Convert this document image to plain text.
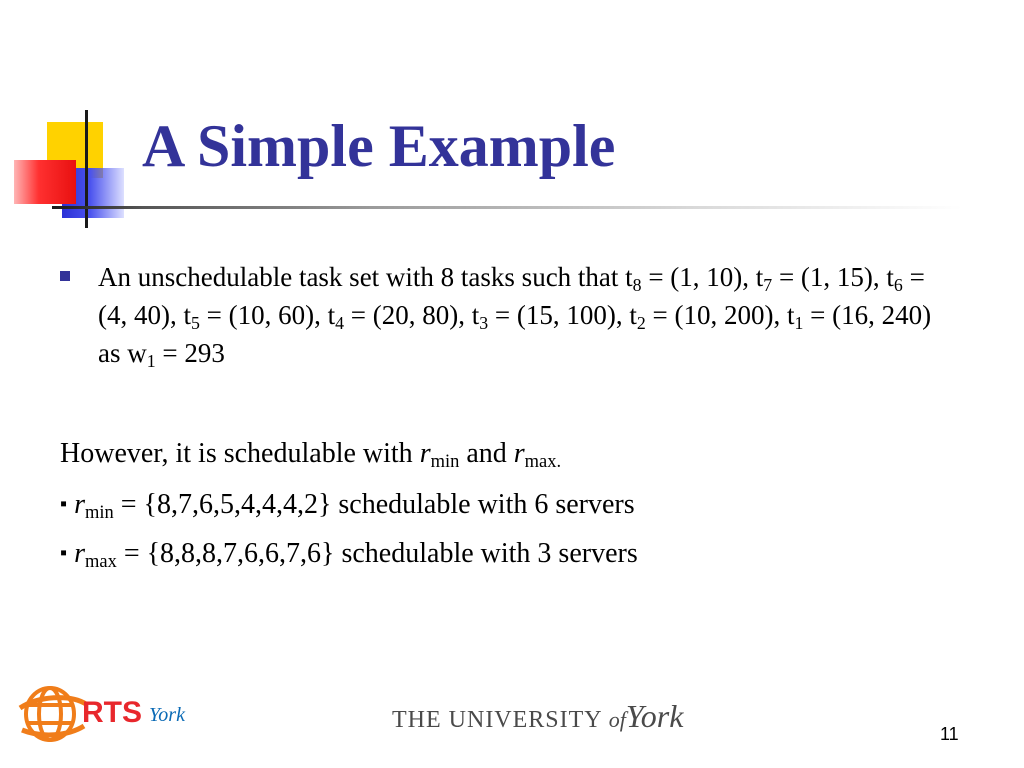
A Simple Example

An unschedulable task set with 8 tasks such that $t_8 = (1$, 10), $t_7 = (1$, 15), $t_6 = (4$, 40), $t_5 = (10$, 60), $t_4 = (20$, 80), $t_3 = (15$, 100), $t_2 = (10$, 200), $t_1 = (16$, 240) as $w_1 = 293$

However, it is schedulable with $r_{min}$ and $r_{max.}$

▪ $r_{min} = \{8,7,6,5,4,4,4,2\}$ schedulable with 6 servers

▪ $r_{max} = \{8,8,8,7,6,6,7,6\}$ schedulable with 3 servers

RTS York	THE UNIVERSITY ofYork	11
